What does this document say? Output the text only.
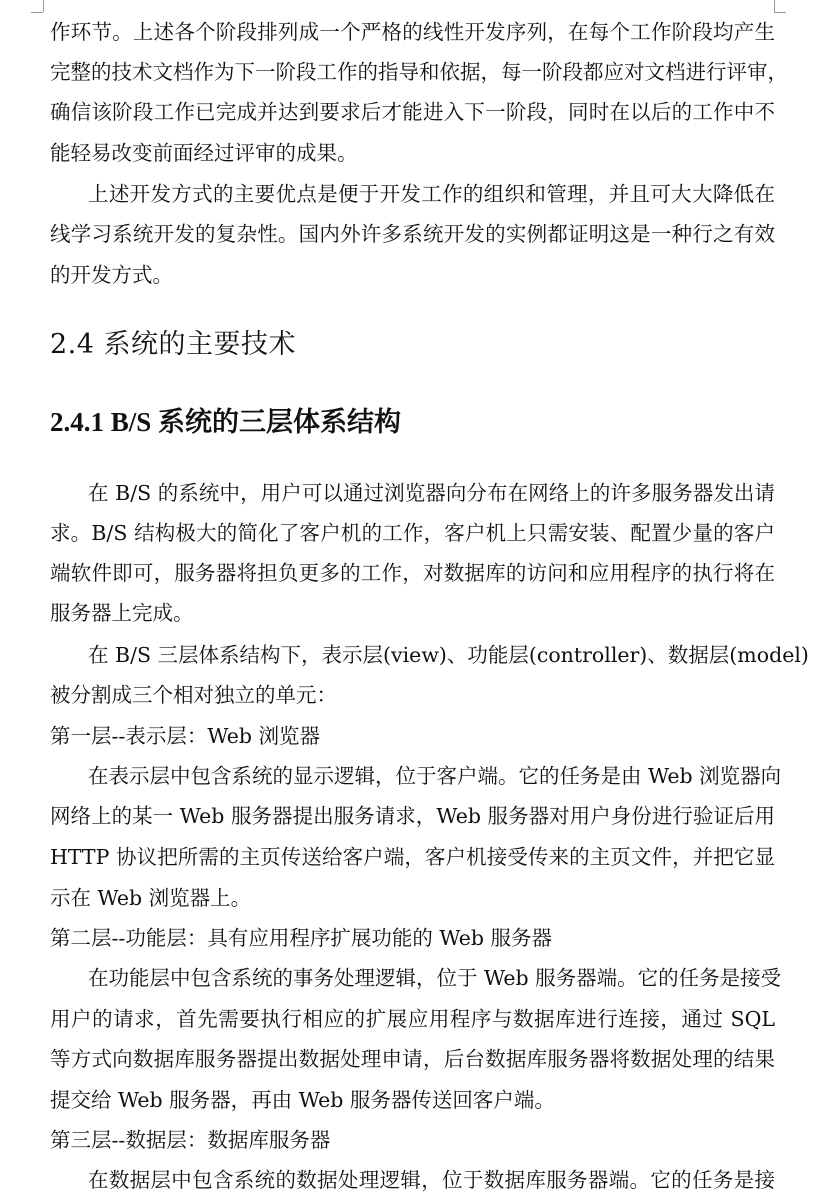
作环节。上述各个阶段排列成一个严格的线性开发序列，在每个工作阶段均产生
完整的技术文档作为下一阶段工作的指导和依据，每一阶段都应对文档进行评审，
确信该阶段工作已完成并达到要求后才能进入下一阶段，同时在以后的工作中不
能轻易改变前面经过评审的成果。
上述开发方式的主要优点是便于开发工作的组织和管理，并且可大大降低在
线学习系统开发的复杂性。国内外许多系统开发的实例都证明这是一种行之有效
的开发方式。
2.4 系统的主要技术
2.4.1 B/S 系统的三层体系结构
在 B/S 的系统中，用户可以通过浏览器向分布在网络上的许多服务器发出请
求。B/S 结构极大的简化了客户机的工作，客户机上只需安装、配置少量的客户
端软件即可，服务器将担负更多的工作，对数据库的访问和应用程序的执行将在
服务器上完成。
在 B/S 三层体系结构下，表示层(view)、功能层(controller)、数据层(model)
被分割成三个相对独立的单元：
第一层--表示层：Web 浏览器
在表示层中包含系统的显示逻辑，位于客户端。它的任务是由 Web 浏览器向
网络上的某一 Web 服务器提出服务请求，Web 服务器对用户身份进行验证后用
HTTP 协议把所需的主页传送给客户端，客户机接受传来的主页文件，并把它显
示在 Web 浏览器上。
第二层--功能层：具有应用程序扩展功能的 Web 服务器
在功能层中包含系统的事务处理逻辑，位于 Web 服务器端。它的任务是接受
用户的请求，首先需要执行相应的扩展应用程序与数据库进行连接，通过 SQL
等方式向数据库服务器提出数据处理申请，后台数据库服务器将数据处理的结果
提交给 Web 服务器，再由 Web 服务器传送回客户端。
第三层--数据层：数据库服务器
在数据层中包含系统的数据处理逻辑，位于数据库服务器端。它的任务是接
